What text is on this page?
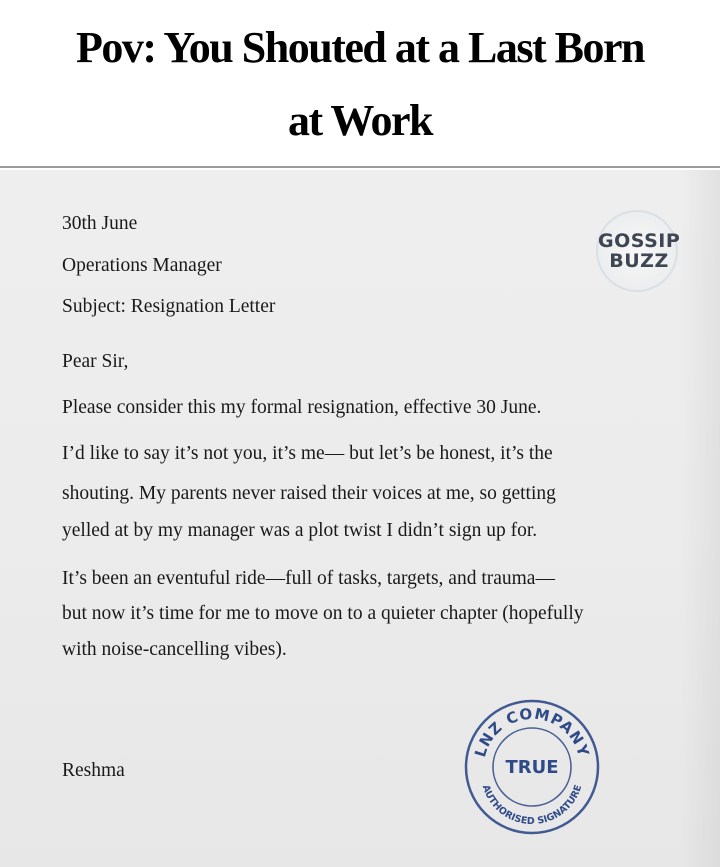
Pov: You Shouted at a Last Born
at Work
30th June
Operations Manager
Subject: Resignation Letter
Pear Sir,
Please consider this my formal resignation, effective 30 June.
I’d like to say it’s not you, it’s me— but let’s be honest, it’s the
shouting. My parents never raised their voices at me, so getting
yelled at by my manager was a plot twist I didn’t sign up for.
It’s been an eventuful ride—full of tasks, targets, and trauma—
but now it’s time for me to move on to a quieter chapter (hopefully
with noise-cancelling vibes).
Reshma
GOSSIP
BUZZ
LNZ COMPANY
AUTHORISED SIGNATURE
TRUE
